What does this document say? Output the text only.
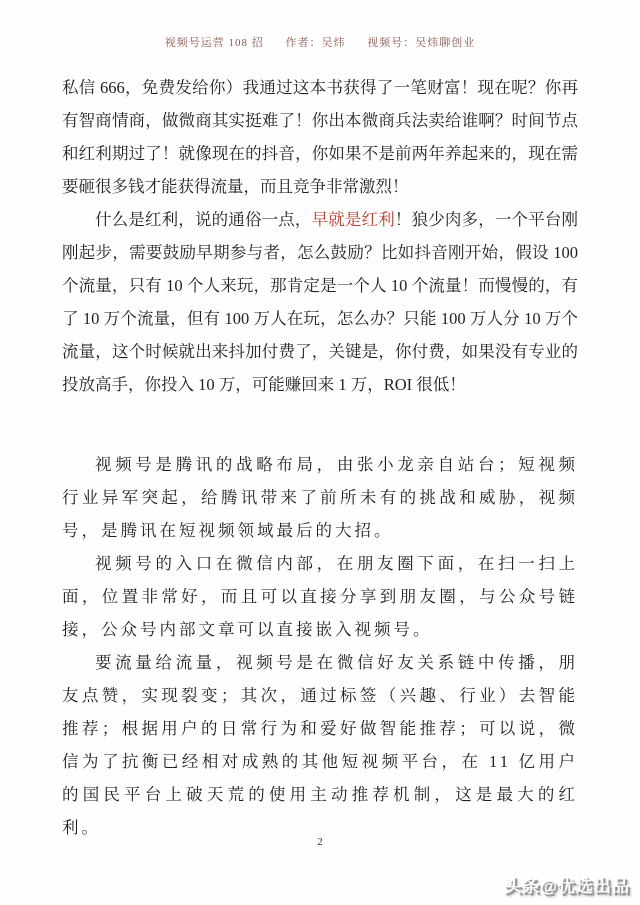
视频号运营 108 招 作者：吴炜 视频号：吴炜聊创业

私信 666，免费发给你）我通过这本书获得了一笔财富！现在呢？你再有智商情商，做微商其实挺难了！你出本微商兵法卖给谁啊？时间节点和红利期过了！就像现在的抖音，你如果不是前两年养起来的，现在需要砸很多钱才能获得流量，而且竞争非常激烈！

什么是红利，说的通俗一点，早就是红利！狼少肉多，一个平台刚刚起步，需要鼓励早期参与者，怎么鼓励？比如抖音刚开始，假设 100 个流量，只有 10 个人来玩，那肯定是一个人 10 个流量！而慢慢的，有了 10 万个流量，但有 100 万人在玩，怎么办？只能 100 万人分 10 万个流量，这个时候就出来抖加付费了，关键是，你付费，如果没有专业的投放高手，你投入 10 万，可能赚回来 1 万，ROI 很低！

视频号是腾讯的战略布局，由张小龙亲自站台；短视频行业异军突起，给腾讯带来了前所未有的挑战和威胁，视频号，是腾讯在短视频领域最后的大招。

视频号的入口在微信内部，在朋友圈下面，在扫一扫上面，位置非常好，而且可以直接分享到朋友圈，与公众号链接，公众号内部文章可以直接嵌入视频号。

要流量给流量，视频号是在微信好友关系链中传播，朋友点赞，实现裂变；其次，通过标签（兴趣、行业）去智能推荐；根据用户的日常行为和爱好做智能推荐；可以说，微信为了抗衡已经相对成熟的其他短视频平台，在 11 亿用户的国民平台上破天荒的使用主动推荐机制，这是最大的红利。

2
头条@优选出品
